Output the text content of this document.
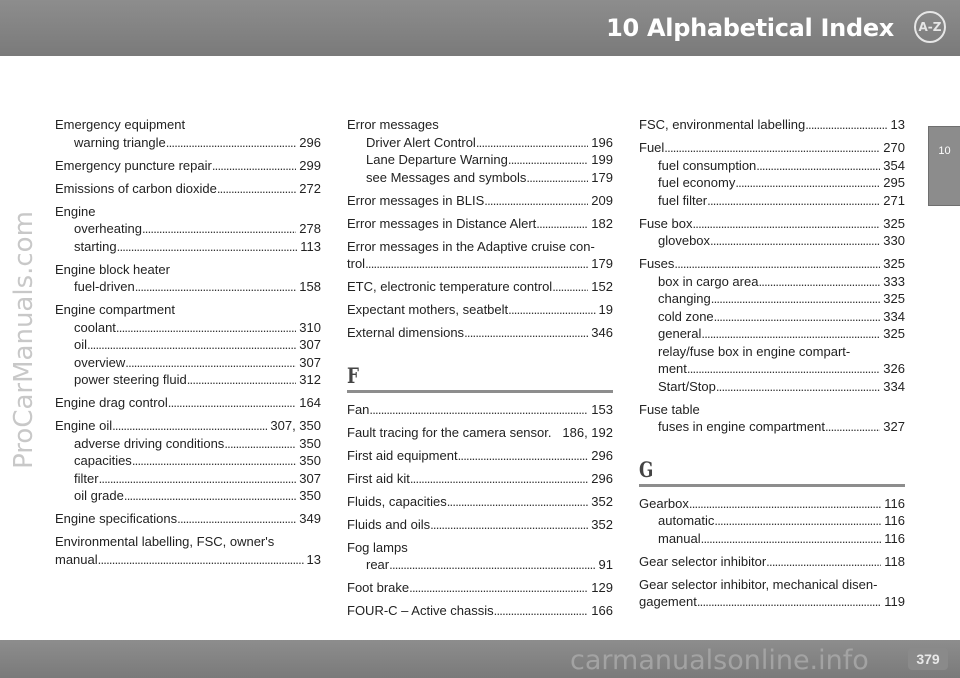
10 Alphabetical Index	A-Z
10
ProCarManuals.com
Emergency equipment
warning triangle . . .	296
Emergency puncture repair . . .	299
Emissions of carbon dioxide . . .	272
Engine
overheating . . .	278
starting . . .	113
Engine block heater
fuel-driven . . .	158
Engine compartment
coolant . . .	310
oil . . .	307
overview . . .	307
power steering fluid . . .	312
Engine drag control . . .	164
Engine oil . . .	307, 350
adverse driving conditions . . .	350
capacities . . .	350
filter . . .	307
oil grade . . .	350
Engine specifications . . .	349
Environmental labelling, FSC, owner's
manual . . .	13
Error messages
Driver Alert Control . . .	196
Lane Departure Warning . . .	199
see Messages and symbols . . .	179
Error messages in BLIS . . .	209
Error messages in Distance Alert . . .	182
Error messages in the Adaptive cruise con-
trol . . .	179
ETC, electronic temperature control . . .	152
Expectant mothers, seatbelt . . .	19
External dimensions . . .	346
F
Fan . . .	153
Fault tracing for the camera sensor. 186, 192
First aid equipment . . .	296
First aid kit . . .	296
Fluids, capacities . . .	352
Fluids and oils . . .	352
Fog lamps
rear . . .	91
Foot brake . . .	129
FOUR-C – Active chassis . . .	166
FSC, environmental labelling . . .	13
Fuel . . .	270
fuel consumption . . .	354
fuel economy . . .	295
fuel filter . . .	271
Fuse box . . .	325
glovebox . . .	330
Fuses . . .	325
box in cargo area . . .	333
changing . . .	325
cold zone . . .	334
general . . .	325
relay/fuse box in engine compart-
ment . . .	326
Start/Stop . . .	334
Fuse table
fuses in engine compartment . . .	327
G
Gearbox . . .	116
automatic . . .	116
manual . . .	116
Gear selector inhibitor . . .	118
Gear selector inhibitor, mechanical disen-
gagement . . .	119
carmanualsonline.info	379
